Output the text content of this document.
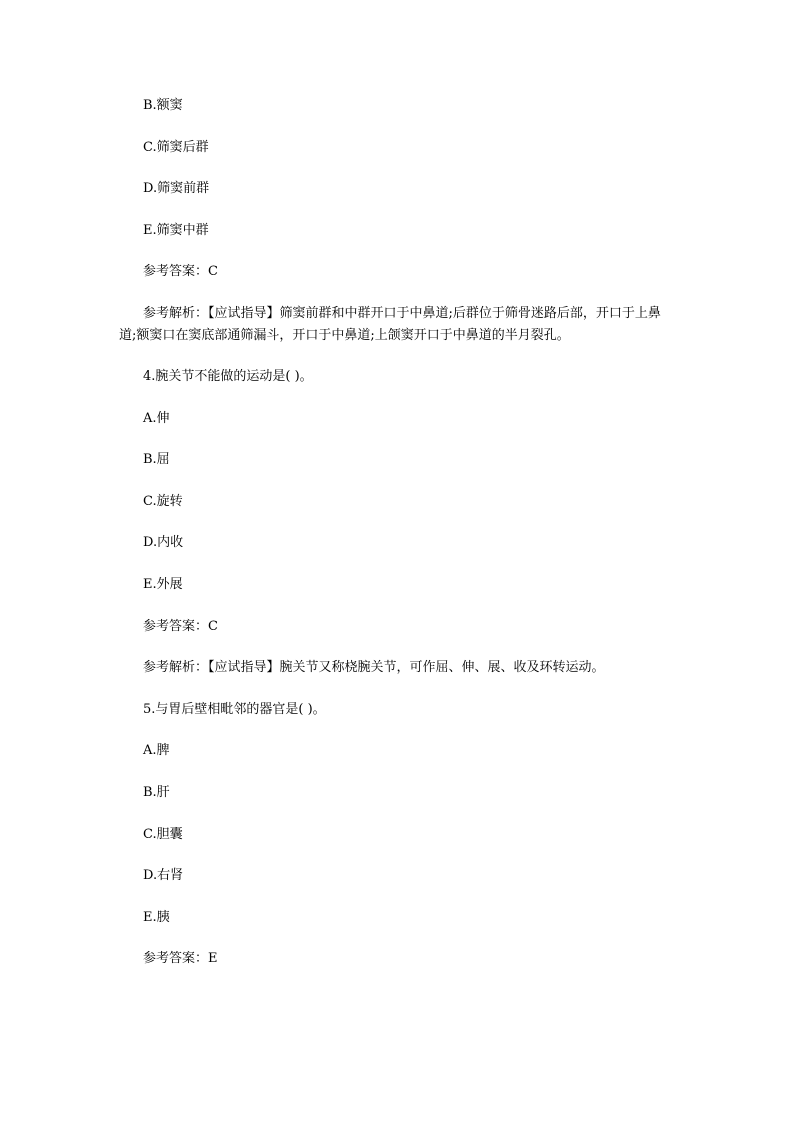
B.额窦
C.筛窦后群
D.筛窦前群
E.筛窦中群
参考答案：C
参考解析：【应试指导】筛窦前群和中群开口于中鼻道;后群位于筛骨迷路后部，开口于上鼻道;额窦口在窦底部通筛漏斗，开口于中鼻道;上颌窦开口于中鼻道的半月裂孔。
4.腕关节不能做的运动是( )。
A.伸
B.屈
C.旋转
D.内收
E.外展
参考答案：C
参考解析：【应试指导】腕关节又称桡腕关节，可作屈、伸、展、收及环转运动。
5.与胃后壁相毗邻的器官是( )。
A.脾
B.肝
C.胆囊
D.右肾
E.胰
参考答案：E
